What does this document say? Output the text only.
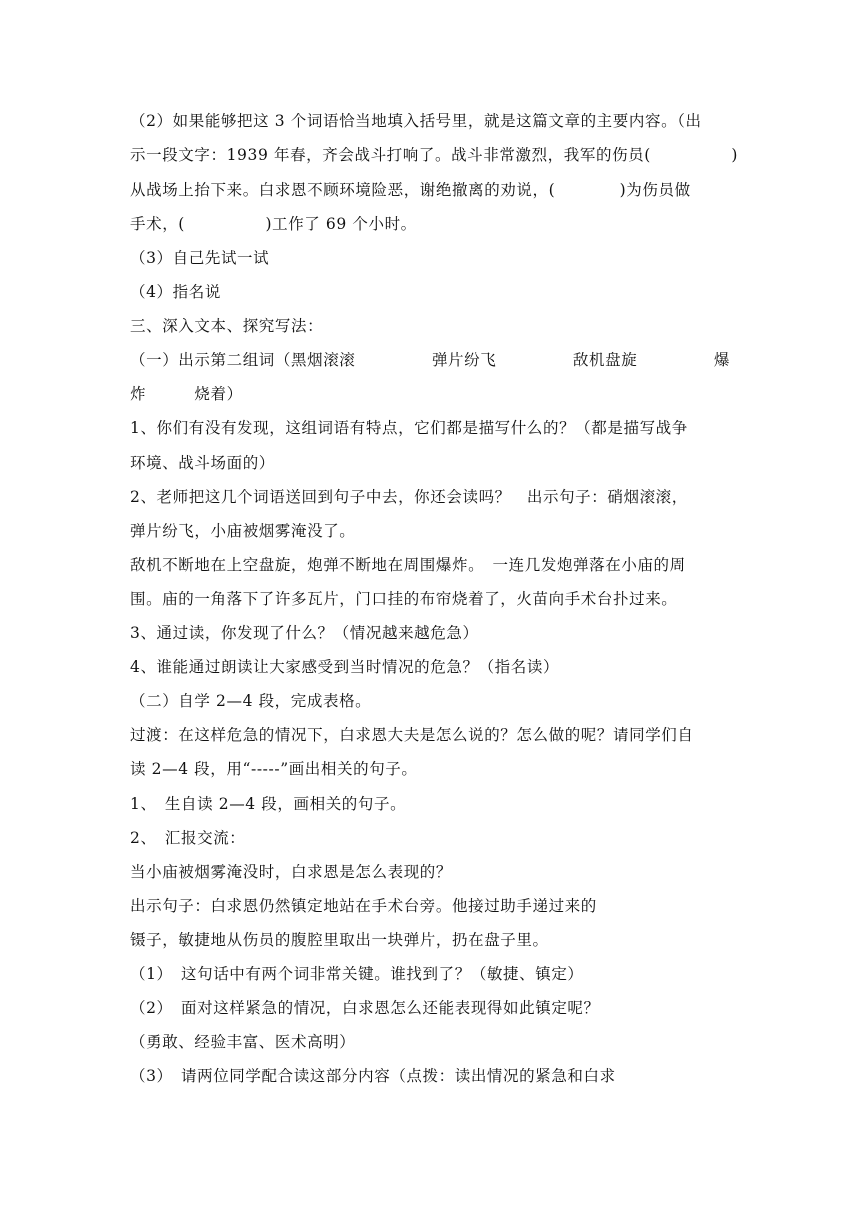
（2）如果能够把这 3 个词语恰当地填入括号里，就是这篇文章的主要内容。（出
示一段文字：1939 年春，齐会战斗打响了。战斗非常激烈，我军的伤员(　　　　　)
从战场上抬下来。白求恩不顾环境险恶，谢绝撤离的劝说，(　　　　)为伤员做
手术，(　　　　　)工作了 69 个小时。
（3）自己先试一试
（4）指名说
三、深入文本、探究写法：
（一）出示第二组词（黑烟滚滚	弹片纷飞	敌机盘旋	爆
炸　　　烧着）
1、你们有没有发现，这组词语有特点，它们都是描写什么的？（都是描写战争
环境、战斗场面的）
2、老师把这几个词语送回到句子中去，你还会读吗？　出示句子：硝烟滚滚，
弹片纷飞，小庙被烟雾淹没了。
敌机不断地在上空盘旋，炮弹不断地在周围爆炸。　一连几发炮弹落在小庙的周
围。庙的一角落下了许多瓦片，门口挂的布帘烧着了，火苗向手术台扑过来。
3、通过读，你发现了什么？（情况越来越危急）
4、谁能通过朗读让大家感受到当时情况的危急？（指名读）
（二）自学 2—4 段，完成表格。
过渡：在这样危急的情况下，白求恩大夫是怎么说的？怎么做的呢？请同学们自
读 2—4 段，用“-----”画出相关的句子。
1、　生自读 2—4 段，画相关的句子。
2、　汇报交流：
当小庙被烟雾淹没时，白求恩是怎么表现的？
出示句子：白求恩仍然镇定地站在手术台旁。他接过助手递过来的
镊子，敏捷地从伤员的腹腔里取出一块弹片，扔在盘子里。
（1）　这句话中有两个词非常关键。谁找到了？（敏捷、镇定）
（2）　面对这样紧急的情况，白求恩怎么还能表现得如此镇定呢？
（勇敢、经验丰富、医术高明）
（3）　请两位同学配合读这部分内容（点拨：读出情况的紧急和白求
